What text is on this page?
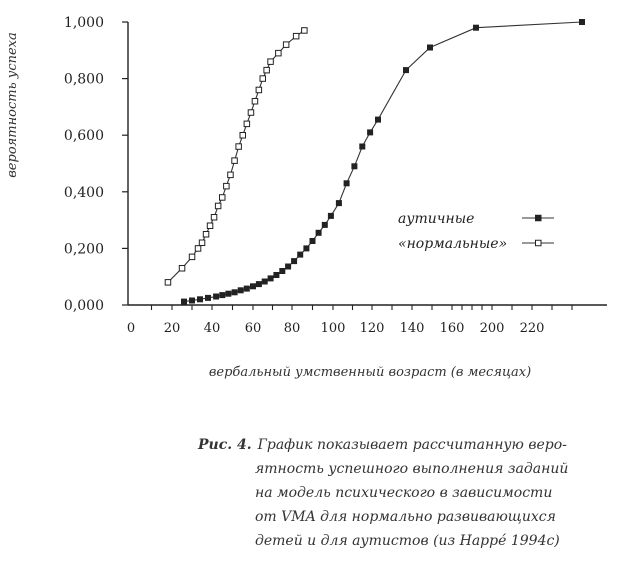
вероятность успеха
0,000
0,200
0,400
0,600
0,800
1,000
0 20 40 60 80 100 120 140 160 200 220
вербальный умственный возраст (в месяцах)
аутичные
«нормальные»
Рис. 4. График показывает рассчитанную веро-
ятность успешного выполнения заданий
на модель психического в зависимости
от VMA для нормально развивающихся
детей и для аутистов (из Happé 1994c)
